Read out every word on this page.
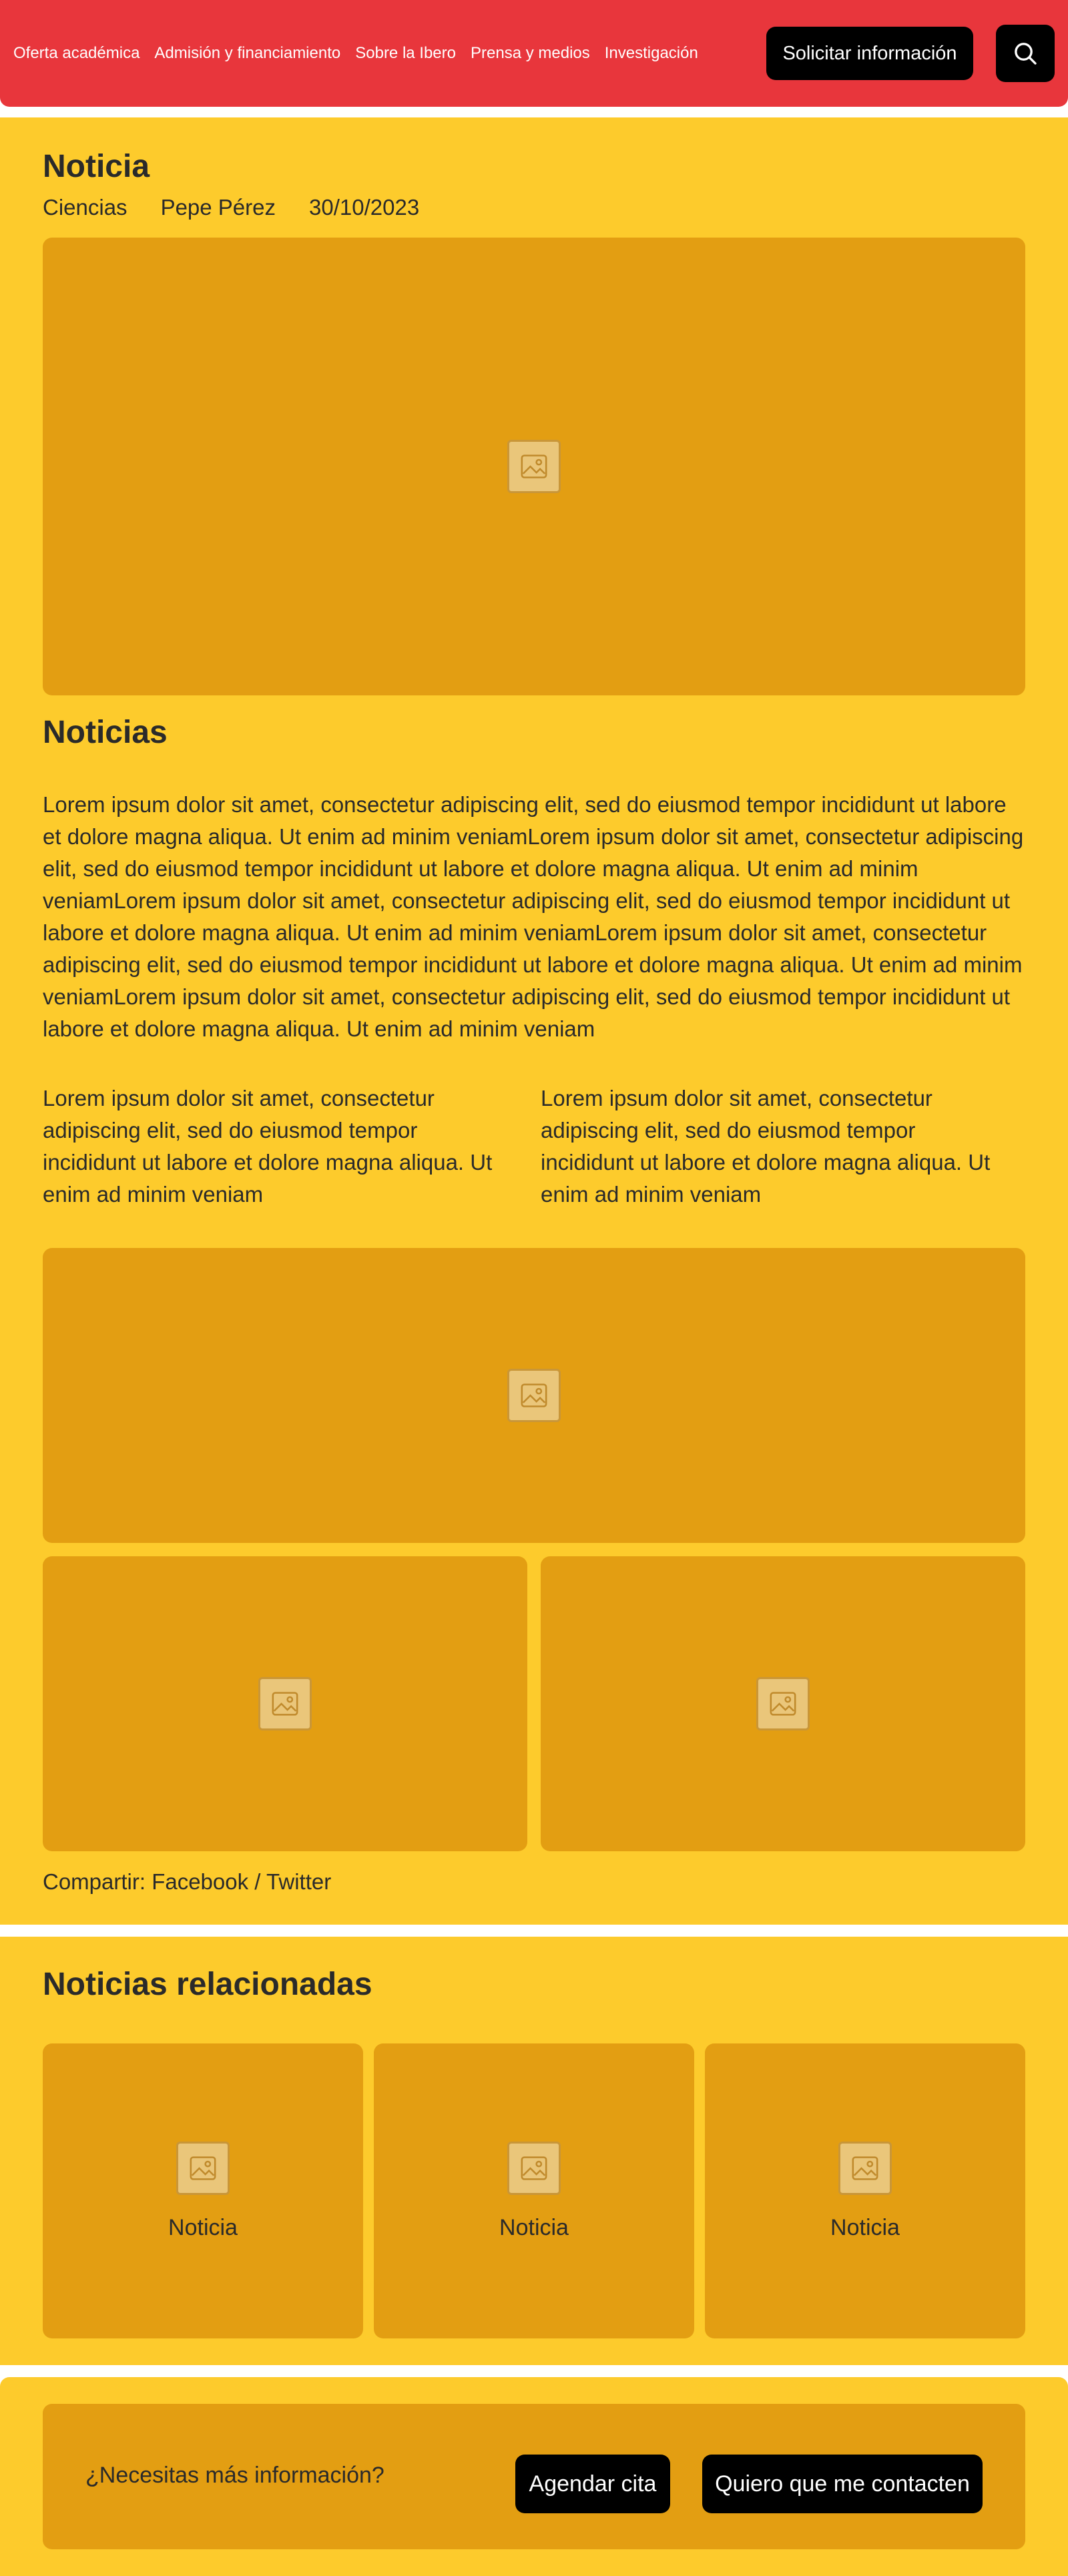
Oferta académica Admisión y financiamiento Sobre la Ibero Prensa y medios Investigación	Solicitar información
Noticia
Ciencias Pepe Pérez 30/10/2023
Noticias

Lorem ipsum dolor sit amet, consectetur adipiscing elit, sed do eiusmod tempor incididunt ut labore et dolore magna aliqua. Ut enim ad minim veniamLorem ipsum dolor sit amet, consectetur adipiscing elit, sed do eiusmod tempor incididunt ut labore et dolore magna aliqua. Ut enim ad minim veniamLorem ipsum dolor sit amet, consectetur adipiscing elit, sed do eiusmod tempor incididunt ut labore et dolore magna aliqua. Ut enim ad minim veniamLorem ipsum dolor sit amet, consectetur adipiscing elit, sed do eiusmod tempor incididunt ut labore et dolore magna aliqua. Ut enim ad minim veniamLorem ipsum dolor sit amet, consectetur adipiscing elit, sed do eiusmod tempor incididunt ut labore et dolore magna aliqua. Ut enim ad minim veniam

Lorem ipsum dolor sit amet, consectetur adipiscing elit, sed do eiusmod tempor incididunt ut labore et dolore magna aliqua. Ut enim ad minim veniam

Lorem ipsum dolor sit amet, consectetur adipiscing elit, sed do eiusmod tempor incididunt ut labore et dolore magna aliqua. Ut enim ad minim veniam

Compartir: Facebook / Twitter

Noticias relacionadas
Noticia	Noticia	Noticia
¿Necesitas más información?	Agendar cita	Quiero que me contacten
